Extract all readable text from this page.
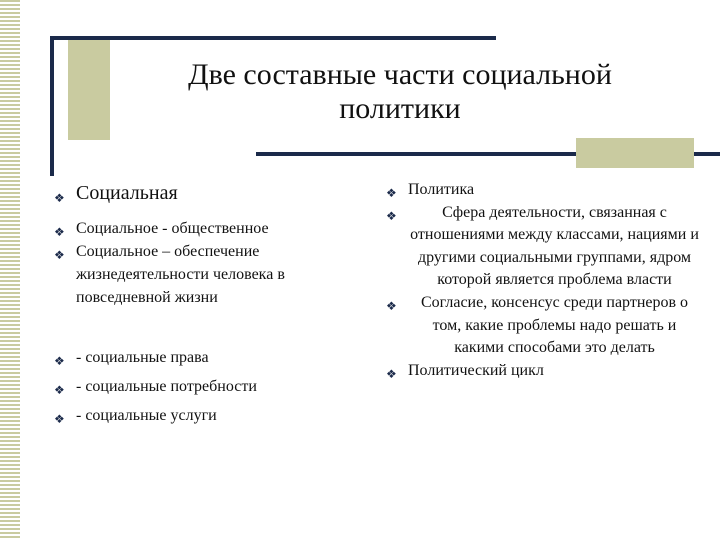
Две составные части социальной политики
❖ Социальная
❖ Социальное - общественное
❖ Социальное – обеспечение жизнедеятельности человека в повседневной жизни
❖ - социальные права
❖ - социальные потребности
❖ - социальные услуги
❖ Политика
❖	Сфера деятельности, связанная с отношениями между классами, нациями и другими социальными группами, ядром которой является проблема власти
❖	Согласие, консенсус среди партнеров о том, какие проблемы надо решать и какими способами это делать
❖ Политический цикл
